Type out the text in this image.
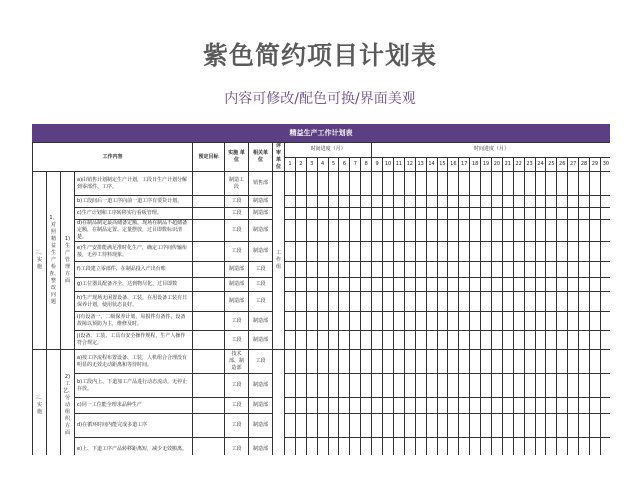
紫色简约项目计划表
内容可修改/配色可换/界面美观
精益生产工作计划表
工作内容				预定目标	实施 单位	相关单位	评审 单位	时间进度（月）								时间进度（月）																					
								1	2	3	4	5	6	7	8	9	10	11	12	13	14	15	16	17	18	19	20	21	22	23	24	25	26	27	28	29	30
三、实施	1、对照精益生产检查、整改问题	1) 生产管理方面	a)由销售计划制定生产计划，工段日生产计划分解到零部件、工序。		制造工段	销售部	工作组																														
			b)工段间后一道工序向前一道工序有要货计划。		工段	制造部																															
			c)生产计划和工序转移实行看板管理。		工段	制造部																															
			d)在制品制定最高储备定额，现场在制品不超储备定额，在制品定置、定量摆放，过目即数标识清楚。		工段	制造部																															
			e)生产安排能满足准时化生产，确定工序间传输衔接，无停工待料现象。		工段	制造部																															
			f)工段建立零部件、在制品投入产出台账		制造部	工段																															
			g)工位器具配备齐全，达到物尽化，过目即数		制造部	工段																															
			h)生产现场无闲置设备、工装，在用设备工装有日保养计划，使用状态良好。		制造部	工段																															
			i)有设备一、二级保养计划，易损件有备件，设备故障以预防为主，维修及时。		工段	制造部																															
			j)设备、工装、工具有安全操作规程，生产人操作符合规定。		工段	制造部																															
三、实施		2) 工艺、劳动组织方面	a)按工序流程布置设备、工装，人机组合合理没有明显的无效走动距离和等待时间。		技术部、制造部	工段																															
			b)工段内上、下道加工产品进行动态流动，无停止存放。		工段	制造部																															
			c)同一工位能全理求品种生产		工段	制造部																															
			d)在循环时间内能完成多道工序		工段	制造部																															
			e)上、下道工序产品转移距离短，减少无效搬离。		工段	制造部																															
